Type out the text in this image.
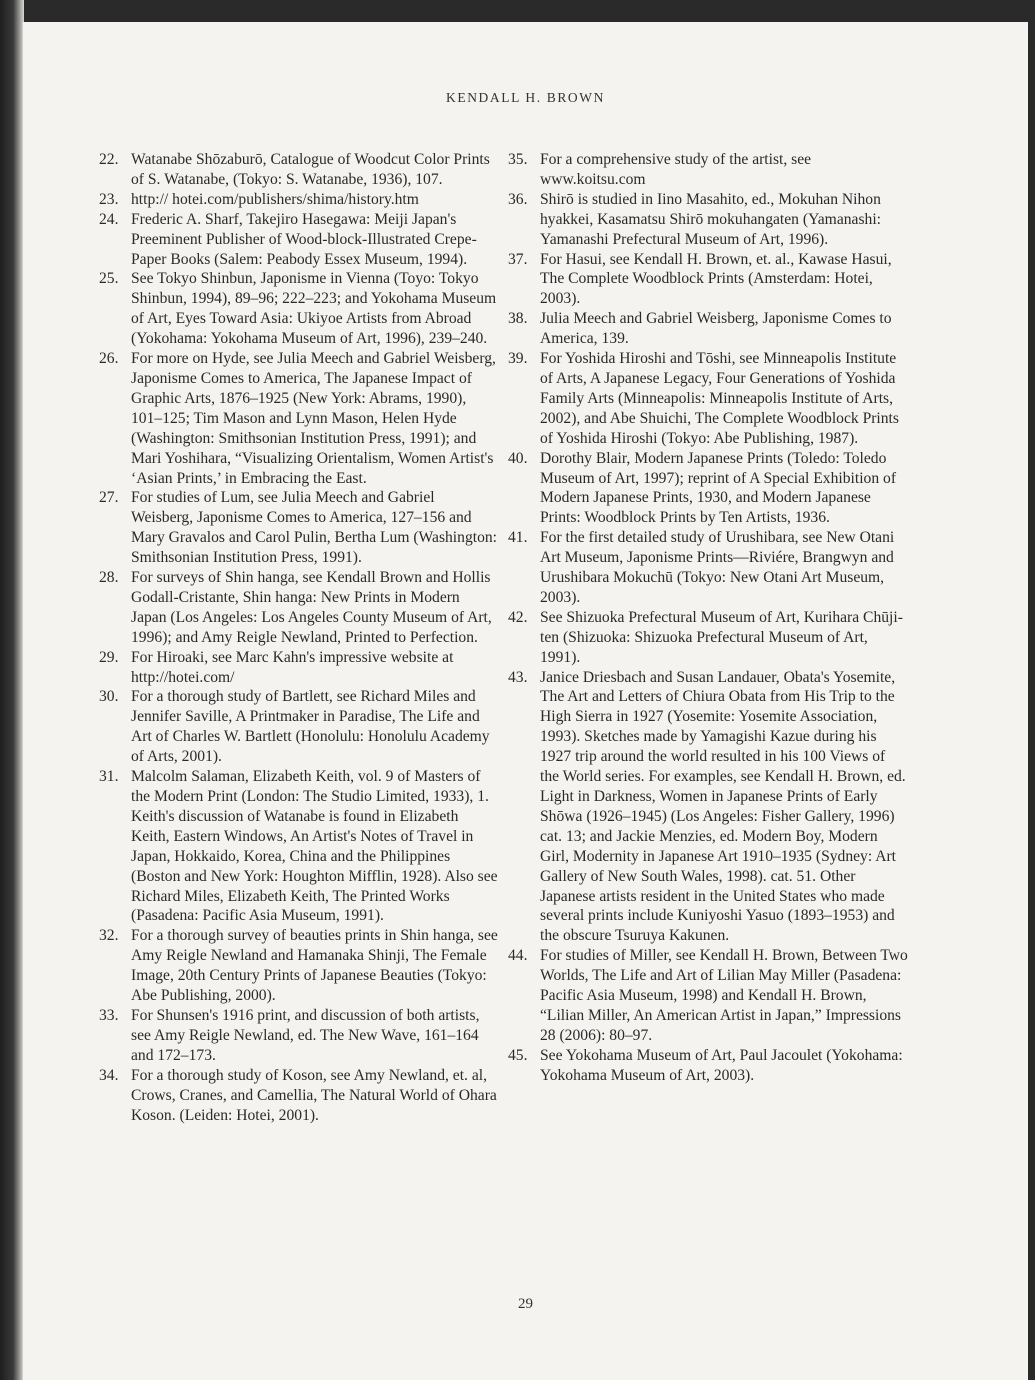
KENDALL H. BROWN

22. Watanabe Shōzaburō, Catalogue of Woodcut Color Prints of S. Watanabe, (Tokyo: S. Watanabe, 1936), 107.

23. http:// hotei.com/publishers/shima/history.htm

24. Frederic A. Sharf, Takejiro Hasegawa: Meiji Japan's Preeminent Publisher of Wood-block-Illustrated Crepe-Paper Books (Salem: Peabody Essex Museum, 1994).

25. See Tokyo Shinbun, Japonisme in Vienna (Toyo: Tokyo Shinbun, 1994), 89–96; 222–223; and Yokohama Museum of Art, Eyes Toward Asia: Ukiyoe Artists from Abroad (Yokohama: Yokohama Museum of Art, 1996), 239–240.

26. For more on Hyde, see Julia Meech and Gabriel Weisberg, Japonisme Comes to America, The Japanese Impact of Graphic Arts, 1876–1925 (New York: Abrams, 1990), 101–125; Tim Mason and Lynn Mason, Helen Hyde (Washington: Smithsonian Institution Press, 1991); and Mari Yoshihara, “Visualizing Orientalism, Women Artist's ‘Asian Prints,’ in Embracing the East.

27. For studies of Lum, see Julia Meech and Gabriel Weisberg, Japonisme Comes to America, 127–156 and Mary Gravalos and Carol Pulin, Bertha Lum (Washington: Smithsonian Institution Press, 1991).

28. For surveys of Shin hanga, see Kendall Brown and Hollis Godall-Cristante, Shin hanga: New Prints in Modern Japan (Los Angeles: Los Angeles County Museum of Art, 1996); and Amy Reigle Newland, Printed to Perfection.

29. For Hiroaki, see Marc Kahn's impressive website at http://hotei.com/

30. For a thorough study of Bartlett, see Richard Miles and Jennifer Saville, A Printmaker in Paradise, The Life and Art of Charles W. Bartlett (Honolulu: Honolulu Academy of Arts, 2001).

31. Malcolm Salaman, Elizabeth Keith, vol. 9 of Masters of the Modern Print (London: The Studio Limited, 1933), 1. Keith's discussion of Watanabe is found in Elizabeth Keith, Eastern Windows, An Artist's Notes of Travel in Japan, Hokkaido, Korea, China and the Philippines (Boston and New York: Houghton Mifflin, 1928). Also see Richard Miles, Elizabeth Keith, The Printed Works (Pasadena: Pacific Asia Museum, 1991).

32. For a thorough survey of beauties prints in Shin hanga, see Amy Reigle Newland and Hamanaka Shinji, The Female Image, 20th Century Prints of Japanese Beauties (Tokyo: Abe Publishing, 2000).

33. For Shunsen's 1916 print, and discussion of both artists, see Amy Reigle Newland, ed. The New Wave, 161–164 and 172–173.

34. For a thorough study of Koson, see Amy Newland, et. al, Crows, Cranes, and Camellia, The Natural World of Ohara Koson. (Leiden: Hotei, 2001).

35. For a comprehensive study of the artist, see www.koitsu.com

36. Shirō is studied in Iino Masahito, ed., Mokuhan Nihon hyakkei, Kasamatsu Shirō mokuhangaten (Yamanashi: Yamanashi Prefectural Museum of Art, 1996).

37. For Hasui, see Kendall H. Brown, et. al., Kawase Hasui, The Complete Woodblock Prints (Amsterdam: Hotei, 2003).

38. Julia Meech and Gabriel Weisberg, Japonisme Comes to America, 139.

39. For Yoshida Hiroshi and Tōshi, see Minneapolis Institute of Arts, A Japanese Legacy, Four Generations of Yoshida Family Arts (Minneapolis: Minneapolis Institute of Arts, 2002), and Abe Shuichi, The Complete Woodblock Prints of Yoshida Hiroshi (Tokyo: Abe Publishing, 1987).

40. Dorothy Blair, Modern Japanese Prints (Toledo: Toledo Museum of Art, 1997); reprint of A Special Exhibition of Modern Japanese Prints, 1930, and Modern Japanese Prints: Woodblock Prints by Ten Artists, 1936.

41. For the first detailed study of Urushibara, see New Otani Art Museum, Japonisme Prints—Riviére, Brangwyn and Urushibara Mokuchū (Tokyo: New Otani Art Museum, 2003).

42. See Shizuoka Prefectural Museum of Art, Kurihara Chūji-ten (Shizuoka: Shizuoka Prefectural Museum of Art, 1991).

43. Janice Driesbach and Susan Landauer, Obata's Yosemite, The Art and Letters of Chiura Obata from His Trip to the High Sierra in 1927 (Yosemite: Yosemite Association, 1993). Sketches made by Yamagishi Kazue during his 1927 trip around the world resulted in his 100 Views of the World series. For examples, see Kendall H. Brown, ed. Light in Darkness, Women in Japanese Prints of Early Shōwa (1926–1945) (Los Angeles: Fisher Gallery, 1996) cat. 13; and Jackie Menzies, ed. Modern Boy, Modern Girl, Modernity in Japanese Art 1910–1935 (Sydney: Art Gallery of New South Wales, 1998). cat. 51. Other Japanese artists resident in the United States who made several prints include Kuniyoshi Yasuo (1893–1953) and the obscure Tsuruya Kakunen.

44. For studies of Miller, see Kendall H. Brown, Between Two Worlds, The Life and Art of Lilian May Miller (Pasadena: Pacific Asia Museum, 1998) and Kendall H. Brown, “Lilian Miller, An American Artist in Japan,” Impressions 28 (2006): 80–97.

45. See Yokohama Museum of Art, Paul Jacoulet (Yokohama: Yokohama Museum of Art, 2003).

29
